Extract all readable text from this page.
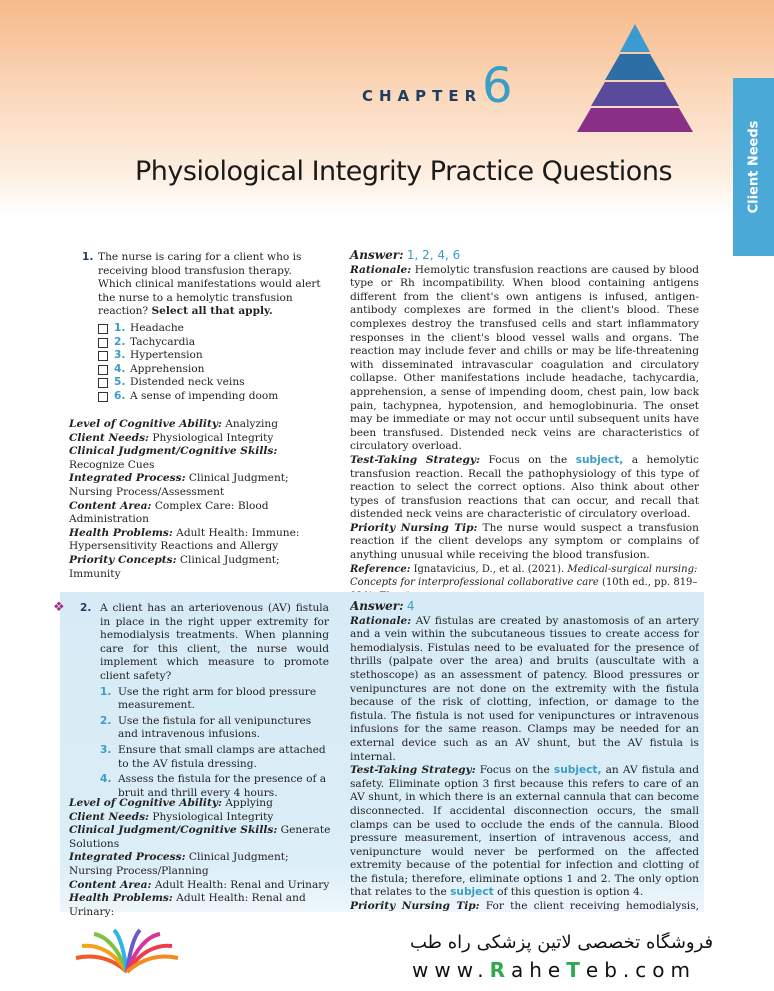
CHAPTER 6
Physiological Integrity Practice Questions	Client Needs
1. The nurse is caring for a client who is receiving blood transfusion therapy. Which clinical manifestations would alert the nurse to a hemolytic transfusion reaction? Select all that apply.
1. Headache
2. Tachycardia
3. Hypertension
4. Apprehension
5. Distended neck veins
6. A sense of impending doom

Level of Cognitive Ability: Analyzing

Client Needs: Physiological Integrity

Clinical Judgment/Cognitive Skills: Recognize Cues

Integrated Process: Clinical Judgment; Nursing Process/Assessment

Content Area: Complex Care: Blood Administration

Health Problems: Adult Health: Immune: Hypersensitivity Reactions and Allergy

Priority Concepts: Clinical Judgment; Immunity

Answer: 1, 2, 4, 6

Rationale: Hemolytic transfusion reactions are caused by blood type or Rh incompatibility. When blood containing antigens different from the client's own antigens is infused, antigen-antibody complexes are formed in the client's blood. These complexes destroy the transfused cells and start inflammatory responses in the client's blood vessel walls and organs. The reaction may include fever and chills or may be life-threatening with disseminated intravascular coagulation and circulatory collapse. Other manifestations include headache, tachycardia, apprehension, a sense of impending doom, chest pain, low back pain, tachypnea, hypotension, and hemoglobinuria. The onset may be immediate or may not occur until subsequent units have been transfused. Distended neck veins are characteristics of circulatory overload.

Test-Taking Strategy: Focus on the subject, a hemolytic transfusion reaction. Recall the pathophysiology of this type of reaction to select the correct options. Also think about other types of transfusion reactions that can occur, and recall that distended neck veins are characteristic of circulatory overload.

Priority Nursing Tip: The nurse would suspect a transfusion reaction if the client develops any symptom or complains of anything unusual while receiving the blood transfusion.

Reference: Ignatavicius, D., et al. (2021). Medical-surgical nursing: Concepts for interprofessional collaborative care (10th ed., pp. 819–

❖ 2. A client has an arteriovenous (AV) fistula in place in the right upper extremity for hemodialysis treatments. When planning care for this client, the nurse would implement which measure to promote client safety?
1. Use the right arm for blood pressure measurement.
2. Use the fistula for all venipunctures and intravenous infusions.
3. Ensure that small clamps are attached to the AV fistula dressing.
4. Assess the fistula for the presence of a bruit and thrill every 4 hours.

Level of Cognitive Ability: Applying

Client Needs: Physiological Integrity

Clinical Judgment/Cognitive Skills: Generate Solutions

Integrated Process: Clinical Judgment; Nursing Process/Planning

Content Area: Adult Health: Renal and Urinary

Health Problems: Adult Health: Renal and Urinary:

Answer: 4

Rationale: AV fistulas are created by anastomosis of an artery and a vein within the subcutaneous tissues to create access for hemodialysis. Fistulas need to be evaluated for the presence of thrills (palpate over the area) and bruits (auscultate with a stethoscope) as an assessment of patency. Blood pressures or venipunctures are not done on the extremity with the fistula because of the risk of clotting, infection, or damage to the fistula. The fistula is not used for venipunctures or intravenous infusions for the same reason. Clamps may be needed for an external device such as an AV shunt, but the AV fistula is internal.

Test-Taking Strategy: Focus on the subject, an AV fistula and safety. Eliminate option 3 first because this refers to care of an AV shunt, in which there is an external cannula that can become disconnected. If accidental disconnection occurs, the small clamps can be used to occlude the ends of the cannula. Blood pressure measurement, insertion of intravenous access, and venipuncture would never be performed on the affected extremity because of the potential for infection and clotting of the fistula; therefore, eliminate options 1 and 2. The only option that relates to the subject of this question is option 4.

Priority Nursing Tip: For the client receiving hemodialysis,

فروشگاه تخصصی لاتین پزشکی راه طب
www.RaheTeb.com
